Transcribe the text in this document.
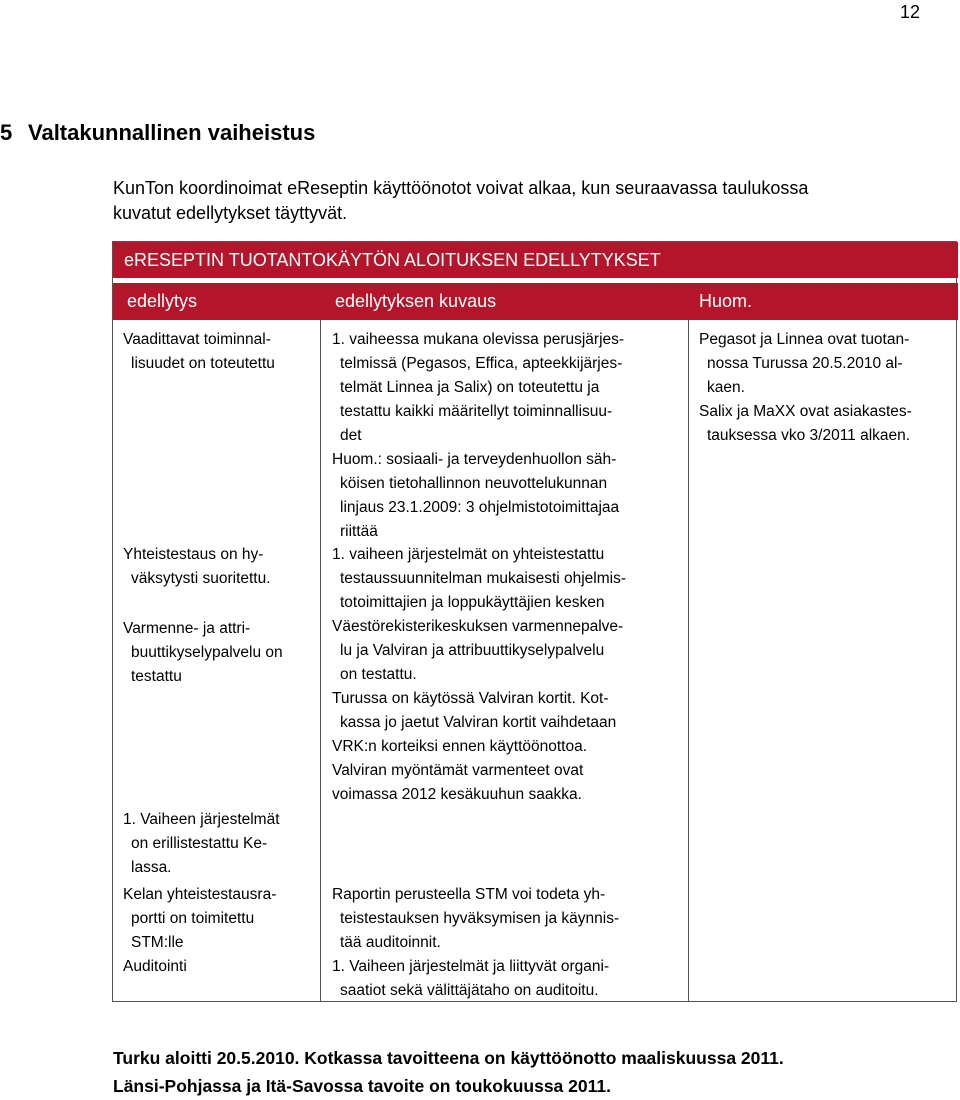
12
5 Valtakunnallinen vaiheistus
KunTon koordinoimat eReseptin käyttöönotot voivat alkaa, kun seuraavassa taulukossa
kuvatut edellytykset täyttyvät.
eRESEPTIN TUOTANTOKÄYTÖN ALOITUKSEN EDELLYTYKSET
edellytys	edellytyksen kuvaus	Huom.
Vaadittavat toiminnal-
lisuudet on toteutettu
Yhteistestaus on hy-
väksytysti suoritettu.
Varmenne- ja attri-
buuttikyselypalvelu on
testattu
1. Vaiheen järjestelmät
on erillistestattu Ke-
lassa.
Kelan yhteistestausra-
portti on toimitettu
STM:lle
Auditointi
1. vaiheessa mukana olevissa perusjärjes-
telmissä (Pegasos, Effica, apteekkijärjes-
telmät Linnea ja Salix) on toteutettu ja
testattu kaikki määritellyt toiminnallisuu-
det
Huom.: sosiaali- ja terveydenhuollon säh-
köisen tietohallinnon neuvottelukunnan
linjaus 23.1.2009: 3 ohjelmistotoimittajaa
riittää
1. vaiheen järjestelmät on yhteistestattu
testaussuunnitelman mukaisesti ohjelmis-
totoimittajien ja loppukäyttäjien kesken
Väestörekisterikeskuksen varmennepalve-
lu ja Valviran ja attribuuttikyselypalvelu
on testattu.
Turussa on käytössä Valviran kortit. Kot-
kassa jo jaetut Valviran kortit vaihdetaan
VRK:n korteiksi ennen käyttöönottoa.
Valviran myöntämät varmenteet ovat
voimassa 2012 kesäkuuhun saakka.
Raportin perusteella STM voi todeta yh-
teistestauksen hyväksymisen ja käynnis-
tää auditoinnit.
1. Vaiheen järjestelmät ja liittyvät organi-
saatiot sekä välittäjätaho on auditoitu.
Pegasot ja Linnea ovat tuotan-
nossa Turussa 20.5.2010 al-
kaen.
Salix ja MaXX ovat asiakastes-
tauksessa vko 3/2011 alkaen.
Turku aloitti 20.5.2010. Kotkassa tavoitteena on käyttöönotto maaliskuussa 2011.
Länsi-Pohjassa ja Itä-Savossa tavoite on toukokuussa 2011.
